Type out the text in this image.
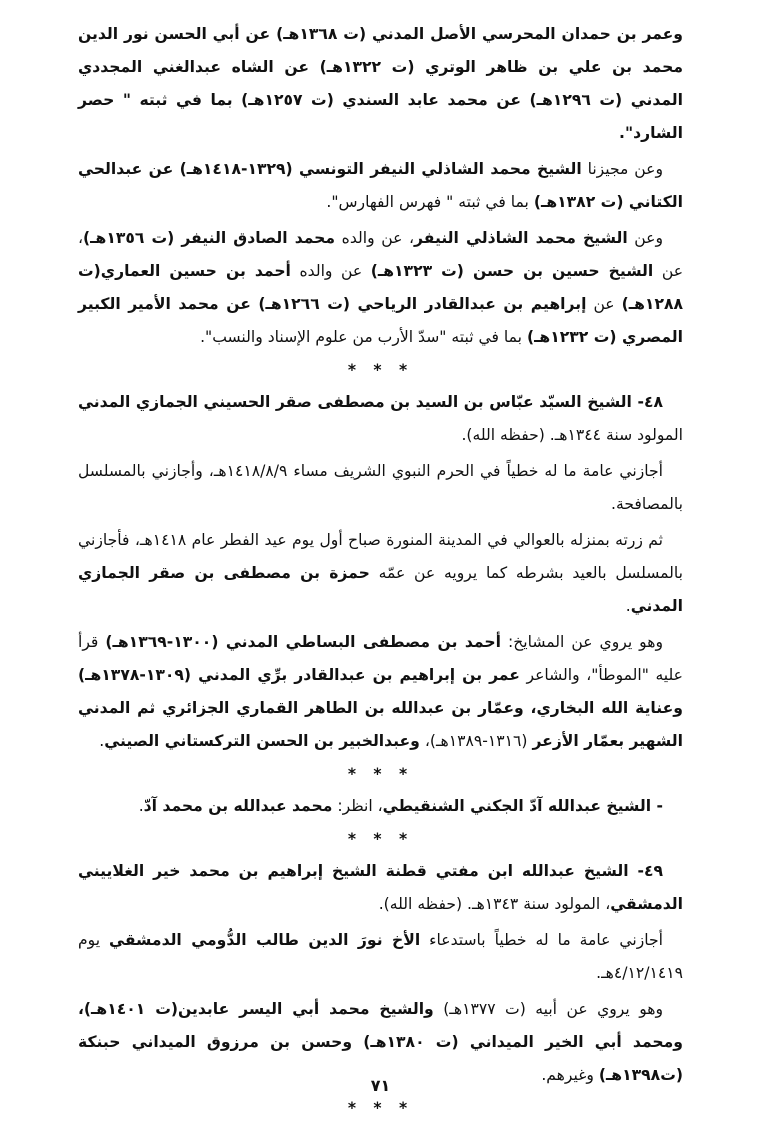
وعمر بن حمدان المحرسي الأصل المدني (ت ١٣٦٨هـ) عن أبي الحسن نور الدين محمد بن علي بن ظاهر الوتري (ت ١٣٢٢هـ) عن الشاه عبدالغني المجددي المدني (ت ١٢٩٦هـ) عن محمد عابد السندي (ت ١٢٥٧هـ) بما في ثبته " حصر الشارد".

وعن مجيزنا الشيخ محمد الشاذلي النيفر التونسي (١٣٢٩-١٤١٨هـ) عن عبدالحي الكتاني (ت ١٣٨٢هـ) بما في ثبته " فهرس الفهارس".

وعن الشيخ محمد الشاذلي النيفر، عن والده محمد الصادق النيفر (ت ١٣٥٦هـ)، عن الشيخ حسين بن حسن (ت ١٣٢٣هـ) عن والده أحمد بن حسين العماري(ت ١٢٨٨هـ) عن إبراهيم بن عبدالقادر الرياحي (ت ١٢٦٦هـ) عن محمد الأمير الكبير المصري (ت ١٢٣٢هـ) بما في ثبته "سدّ الأرب من علوم الإسناد والنسب".

* * *

٤٨- الشيخ السيّد عبّاس بن السيد بن مصطفى صقر الحسيني الجمازي المدني المولود سنة ١٣٤٤هـ. (حفظه الله).

أجازني عامة ما له خطياً في الحرم النبوي الشريف مساء ١٤١٨/٨/٩هـ، وأجازني بالمسلسل بالمصافحة.

ثم زرته بمنزله بالعوالي في المدينة المنورة صباح أول يوم عيد الفطر عام ١٤١٨هـ، فأجازني بالمسلسل بالعيد بشرطه كما يرويه عن عمّه حمزة بن مصطفى بن صقر الجمازي المدني.

وهو يروي عن المشايخ: أحمد بن مصطفى البساطي المدني (١٣٠٠-١٣٦٩هـ) قرأ عليه "الموطأ"، والشاعر عمر بن إبراهيم بن عبدالقادر برِّي المدني (١٣٠٩-١٣٧٨هـ) وعناية الله البخاري، وعمّار بن عبدالله بن الطاهر القماري الجزائري ثم المدني الشهير بعمّار الأزعر (١٣١٦-١٣٨٩هـ)، وعبدالخبير بن الحسن التركستاني الصيني.

* * *

- الشيخ عبدالله آدّ الجكني الشنقيطي، انظر: محمد عبدالله بن محمد آدّ.

* * *

٤٩- الشيخ عبدالله ابن مفتي قطنة الشيخ إبراهيم بن محمد خير الغلاييني الدمشقي، المولود سنة ١٣٤٣هـ. (حفظه الله).

أجازني عامة ما له خطياً باستدعاء الأخ نورَ الدين طالب الدُّومي الدمشقي يوم ٤/١٢/١٤١٩هـ.

وهو يروي عن أبيه (ت ١٣٧٧هـ) والشيخ محمد أبي اليسر عابدين(ت ١٤٠١هـ)، ومحمد أبي الخير الميداني (ت ١٣٨٠هـ) وحسن بن مرزوق الميداني حبنكة (ت١٣٩٨هـ) وغيرهم.

* * *

٧١
